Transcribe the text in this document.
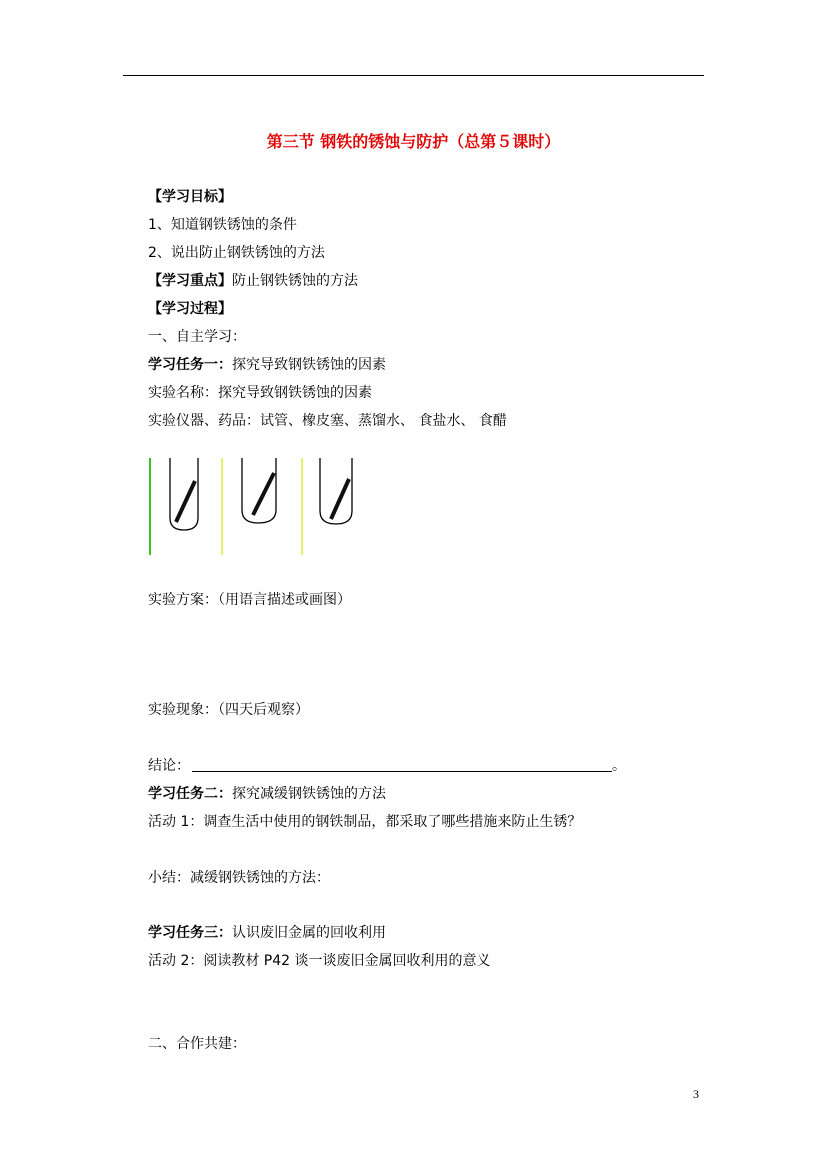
第三节 钢铁的锈蚀与防护（总第５课时）
【学习目标】
1、知道钢铁锈蚀的条件
2、说出防止钢铁锈蚀的方法
【学习重点】防止钢铁锈蚀的方法
【学习过程】
一、自主学习：
学习任务一：探究导致钢铁锈蚀的因素
实验名称：探究导致钢铁锈蚀的因素
实验仪器、药品：试管、橡皮塞、蒸馏水、 食盐水、 食醋
实验方案：（用语言描述或画图）
实验现象：（四天后观察）
结论：	。
学习任务二：探究减缓钢铁锈蚀的方法
活动 1：调查生活中使用的钢铁制品，都采取了哪些措施来防止生锈？
小结：减缓钢铁锈蚀的方法：
学习任务三：认识废旧金属的回收利用
活动 2：阅读教材 P42 谈一谈废旧金属回收利用的意义
二、合作共建：
3
